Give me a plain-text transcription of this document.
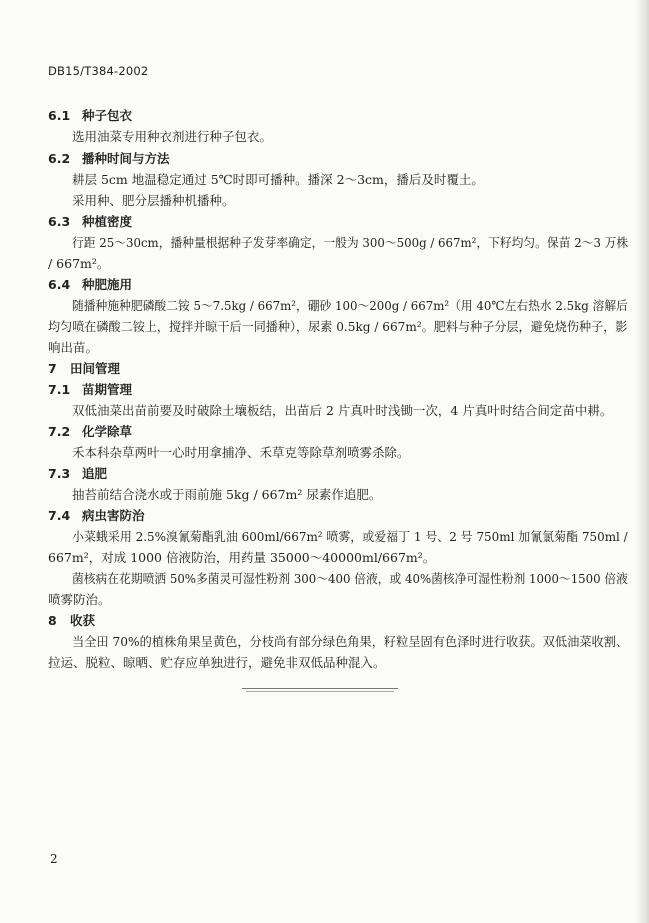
DB15/T384-2002
6.1 种子包衣
选用油菜专用种衣剂进行种子包衣。
6.2 播种时间与方法
耕层 5cm 地温稳定通过 5℃时即可播种。播深 2～3cm，播后及时覆土。
采用种、肥分层播种机播种。
6.3 种植密度
行距 25～30cm，播种量根据种子发芽率确定，一般为 300～500g / 667m²，下籽均匀。保苗 2～3 万株
/ 667m²。
6.4 种肥施用
随播种施种肥磷酸二铵 5～7.5kg / 667m²，硼砂 100～200g / 667m²（用 40℃左右热水 2.5kg 溶解后
均匀喷在磷酸二铵上，搅拌并晾干后一同播种），尿素 0.5kg / 667m²。肥料与种子分层，避免烧伤种子，影
响出苗。
7 田间管理
7.1 苗期管理
双低油菜出苗前要及时破除土壤板结，出苗后 2 片真叶时浅锄一次，4 片真叶时结合间定苗中耕。
7.2 化学除草
禾本科杂草两叶一心时用拿捕净、禾草克等除草剂喷雾杀除。
7.3 追肥
抽苔前结合浇水或于雨前施 5kg / 667m² 尿素作追肥。
7.4 病虫害防治
小菜蛾采用 2.5%溴氰菊酯乳油 600ml/667m² 喷雾，或爱福丁 1 号、2 号 750ml 加氰氯菊酯 750ml /
667m²，对成 1000 倍液防治，用药量 35000～40000ml/667m²。
菌核病在花期喷洒 50%多菌灵可湿性粉剂 300～400 倍液，或 40%菌核净可湿性粉剂 1000～1500 倍液
喷雾防治。
8 收获
当全田 70%的植株角果呈黄色，分枝尚有部分绿色角果，籽粒呈固有色泽时进行收获。双低油菜收割、
拉运、脱粒、晾晒、贮存应单独进行，避免非双低品种混入。
2
